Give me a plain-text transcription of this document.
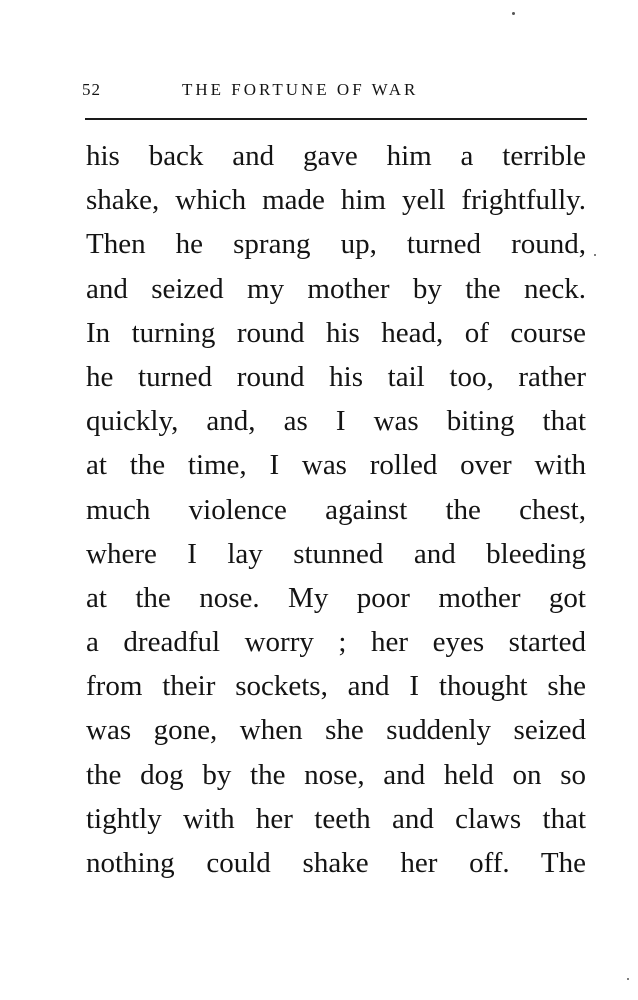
52	THE FORTUNE OF WAR
his back and gave him a terrible
shake, which made him yell frightfully.
Then he sprang up, turned round,
and seized my mother by the neck.
In turning round his head, of course
he turned round his tail too, rather
quickly, and, as I was biting that
at the time, I was rolled over with
much violence against the chest,
where I lay stunned and bleeding
at the nose. My poor mother got
a dreadful worry ; her eyes started
from their sockets, and I thought she
was gone, when she suddenly seized
the dog by the nose, and held on so
tightly with her teeth and claws that
nothing could shake her off. The
